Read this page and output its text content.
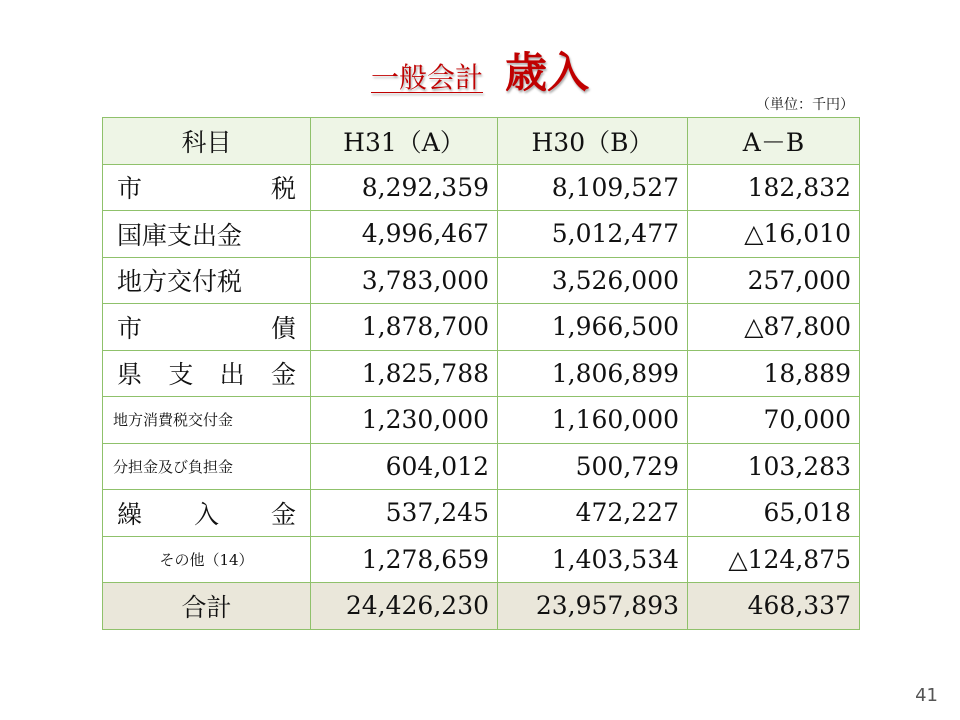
一般会計 歳入
（単位：千円）
科目	H31（A）	H30（B）	A－B
市　　税	8,292,359	8,109,527	182,832
国庫支出金	4,996,467	5,012,477	△16,010
地方交付税	3,783,000	3,526,000	257,000
市　　債	1,878,700	1,966,500	△87,800
県 支 出 金	1,825,788	1,806,899	18,889
地方消費税交付金	1,230,000	1,160,000	70,000
分担金及び負担金	604,012	500,729	103,283
繰　入　金	537,245	472,227	65,018
その他（14）	1,278,659	1,403,534	△124,875
合計	24,426,230	23,957,893	468,337
41
